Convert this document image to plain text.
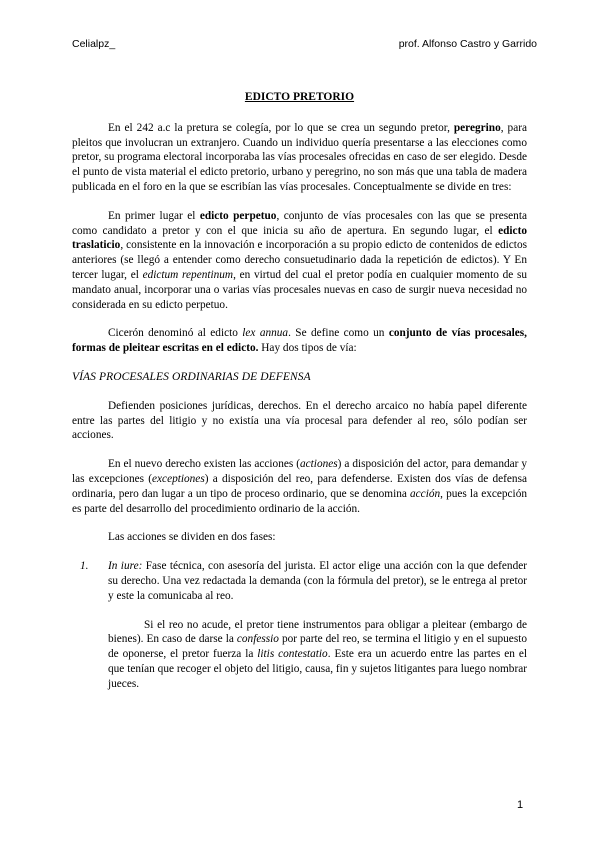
Celialpz_	prof. Alfonso Castro y Garrido
EDICTO PRETORIO

En el 242 a.c la pretura se colegía, por lo que se crea un segundo pretor, peregrino, para pleitos que involucran un extranjero. Cuando un individuo quería presentarse a las elecciones como pretor, su programa electoral incorporaba las vías procesales ofrecidas en caso de ser elegido. Desde el punto de vista material el edicto pretorio, urbano y peregrino, no son más que una tabla de madera publicada en el foro en la que se escribían las vías procesales. Conceptualmente se divide en tres:

En primer lugar el edicto perpetuo, conjunto de vías procesales con las que se presenta como candidato a pretor y con el que inicia su año de apertura. En segundo lugar, el edicto traslaticio, consistente en la innovación e incorporación a su propio edicto de contenidos de edictos anteriores (se llegó a entender como derecho consuetudinario dada la repetición de edictos). Y En tercer lugar, el edictum repentinum, en virtud del cual el pretor podía en cualquier momento de su mandato anual, incorporar una o varias vías procesales nuevas en caso de surgir nueva necesidad no considerada en su edicto perpetuo.

Cicerón denominó al edicto lex annua. Se define como un conjunto de vías procesales, formas de pleitear escritas en el edicto. Hay dos tipos de vía:

VÍAS PROCESALES ORDINARIAS DE DEFENSA

Defienden posiciones jurídicas, derechos. En el derecho arcaico no había papel diferente entre las partes del litigio y no existía una vía procesal para defender al reo, sólo podían ser acciones.

En el nuevo derecho existen las acciones (actiones) a disposición del actor, para demandar y las excepciones (exceptiones) a disposición del reo, para defenderse. Existen dos vías de defensa ordinaria, pero dan lugar a un tipo de proceso ordinario, que se denomina acción, pues la excepción es parte del desarrollo del procedimiento ordinario de la acción.

Las acciones se dividen en dos fases:

1. In iure: Fase técnica, con asesoría del jurista. El actor elige una acción con la que defender su derecho. Una vez redactada la demanda (con la fórmula del pretor), se le entrega al pretor y este la comunicaba al reo.

Si el reo no acude, el pretor tiene instrumentos para obligar a pleitear (embargo de bienes). En caso de darse la confessio por parte del reo, se termina el litigio y en el supuesto de oponerse, el pretor fuerza la litis contestatio. Este era un acuerdo entre las partes en el que tenían que recoger el objeto del litigio, causa, fin y sujetos litigantes para luego nombrar jueces.

1
